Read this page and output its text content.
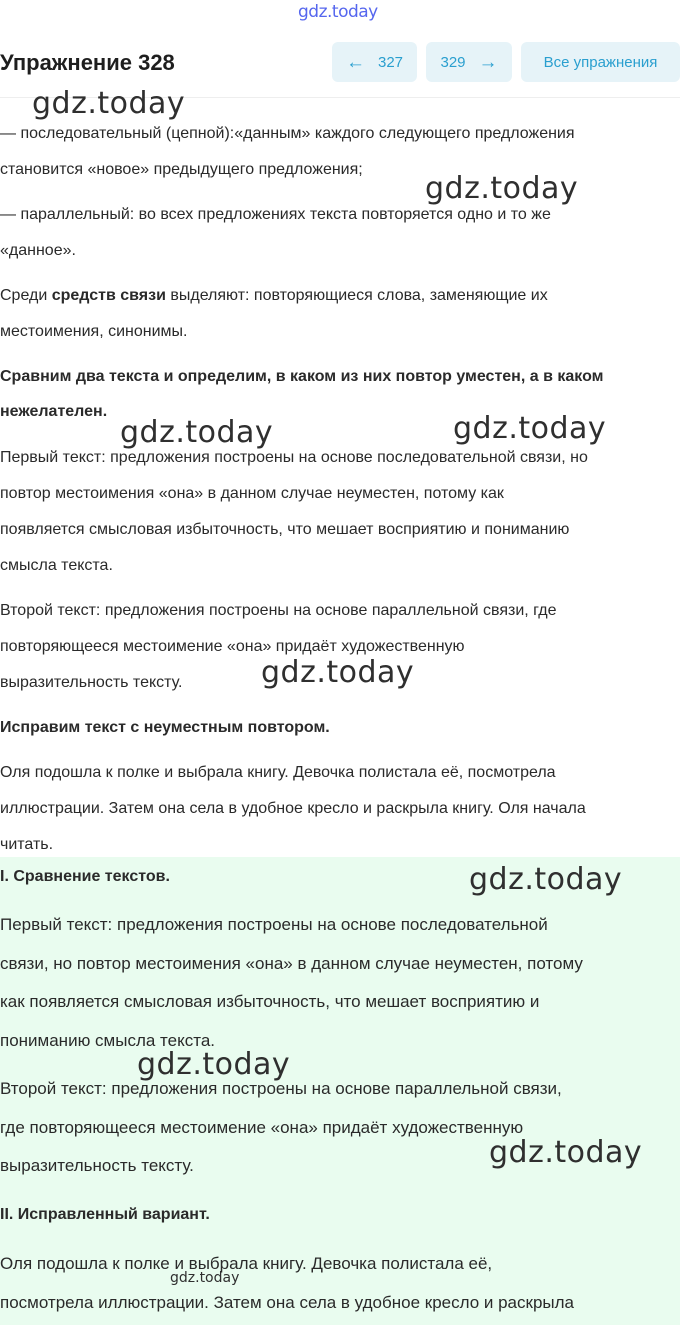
gdz.today
Упражнение 328	← 327 329 →	Все упражнения
— последовательный (цепной):«данным» каждого следующего предложения
становится «новое» предыдущего предложения;
— параллельный: во всех предложениях текста повторяется одно и то же
«данное».
Среди средств связи выделяют: повторяющиеся слова, заменяющие их
местоимения, синонимы.
Сравним два текста и определим, в каком из них повтор уместен, а в каком
нежелателен.
Первый текст: предложения построены на основе последовательной связи, но
повтор местоимения «она» в данном случае неуместен, потому как
появляется смысловая избыточность, что мешает восприятию и пониманию
смысла текста.
Второй текст: предложения построены на основе параллельной связи, где
повторяющееся местоимение «она» придаёт художественную
выразительность тексту.
Исправим текст с неуместным повтором.
Оля подошла к полке и выбрала книгу. Девочка полистала её, посмотрела
иллюстрации. Затем она села в удобное кресло и раскрыла книгу. Оля начала
читать.
I. Сравнение текстов.
Первый текст: предложения построены на основе последовательной
связи, но повтор местоимения «она» в данном случае неуместен, потому
как появляется смысловая избыточность, что мешает восприятию и
пониманию смысла текста.
Второй текст: предложения построены на основе параллельной связи,
где повторяющееся местоимение «она» придаёт художественную
выразительность тексту.
II. Исправленный вариант.
Оля подошла к полке и выбрала книгу. Девочка полистала её,
посмотрела иллюстрации. Затем она села в удобное кресло и раскрыла
gdz.today
gdz.today
gdz.today	gdz.today
gdz.today
gdz.today
gdz.today
gdz.today
gdz.today
